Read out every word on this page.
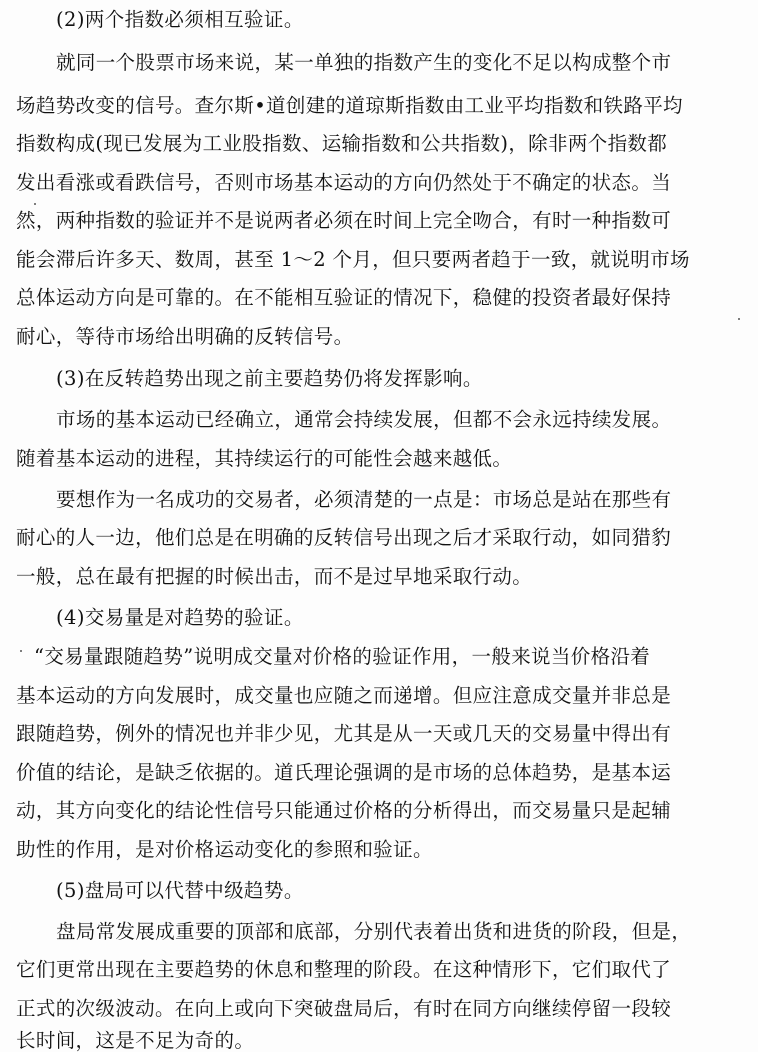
(2)两个指数必须相互验证。
就同一个股票市场来说，某一单独的指数产生的变化不足以构成整个市
场趋势改变的信号。查尔斯•道创建的道琼斯指数由工业平均指数和铁路平均
指数构成(现已发展为工业股指数、运输指数和公共指数)，除非两个指数都
发出看涨或看跌信号，否则市场基本运动的方向仍然处于不确定的状态。当
然，两种指数的验证并不是说两者必须在时间上完全吻合，有时一种指数可
能会滞后许多天、数周，甚至 1～2 个月，但只要两者趋于一致，就说明市场
总体运动方向是可靠的。在不能相互验证的情况下，稳健的投资者最好保持
耐心，等待市场给出明确的反转信号。
(3)在反转趋势出现之前主要趋势仍将发挥影响。
市场的基本运动已经确立，通常会持续发展，但都不会永远持续发展。
随着基本运动的进程，其持续运行的可能性会越来越低。
要想作为一名成功的交易者，必须清楚的一点是：市场总是站在那些有
耐心的人一边，他们总是在明确的反转信号出现之后才采取行动，如同猎豹
一般，总在最有把握的时候出击，而不是过早地采取行动。
(4)交易量是对趋势的验证。
“交易量跟随趋势”说明成交量对价格的验证作用，一般来说当价格沿着
基本运动的方向发展时，成交量也应随之而递增。但应注意成交量并非总是
跟随趋势，例外的情况也并非少见，尤其是从一天或几天的交易量中得出有
价值的结论，是缺乏依据的。道氏理论强调的是市场的总体趋势，是基本运
动，其方向变化的结论性信号只能通过价格的分析得出，而交易量只是起辅
助性的作用，是对价格运动变化的参照和验证。
(5)盘局可以代替中级趋势。
盘局常发展成重要的顶部和底部，分别代表着出货和进货的阶段，但是，
它们更常出现在主要趋势的休息和整理的阶段。在这种情形下，它们取代了
正式的次级波动。在向上或向下突破盘局后，有时在同方向继续停留一段较
长时间，这是不足为奇的。
